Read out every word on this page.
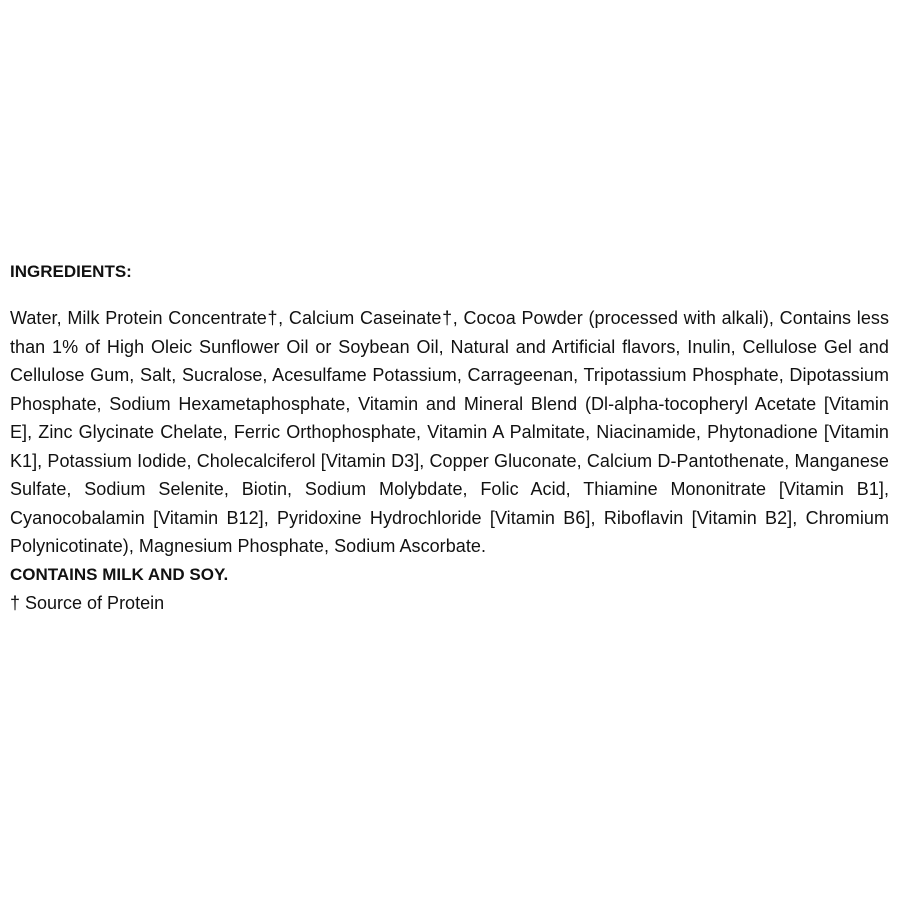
INGREDIENTS:

Water, Milk Protein Concentrate†, Calcium Caseinate†, Cocoa Powder (processed with alkali), Contains less than 1% of High Oleic Sunflower Oil or Soybean Oil, Natural and Artificial flavors, Inulin, Cellulose Gel and Cellulose Gum, Salt, Sucralose, Acesulfame Potassium, Carrageenan, Tripotassium Phosphate, Dipotassium Phosphate, Sodium Hexametaphosphate, Vitamin and Mineral Blend (Dl-alpha-tocopheryl Acetate [Vitamin E], Zinc Glycinate Chelate, Ferric Orthophosphate, Vitamin A Palmitate, Niacinamide, Phytonadione [Vitamin K1], Potassium Iodide, Cholecalciferol [Vitamin D3], Copper Gluconate, Calcium D-Pantothenate, Manganese Sulfate, Sodium Selenite, Biotin, Sodium Molybdate, Folic Acid, Thiamine Mononitrate [Vitamin B1], Cyanocobalamin [Vitamin B12], Pyridoxine Hydrochloride [Vitamin B6], Riboflavin [Vitamin B2], Chromium Polynicotinate), Magnesium Phosphate, Sodium Ascorbate.

CONTAINS MILK AND SOY.

† Source of Protein
